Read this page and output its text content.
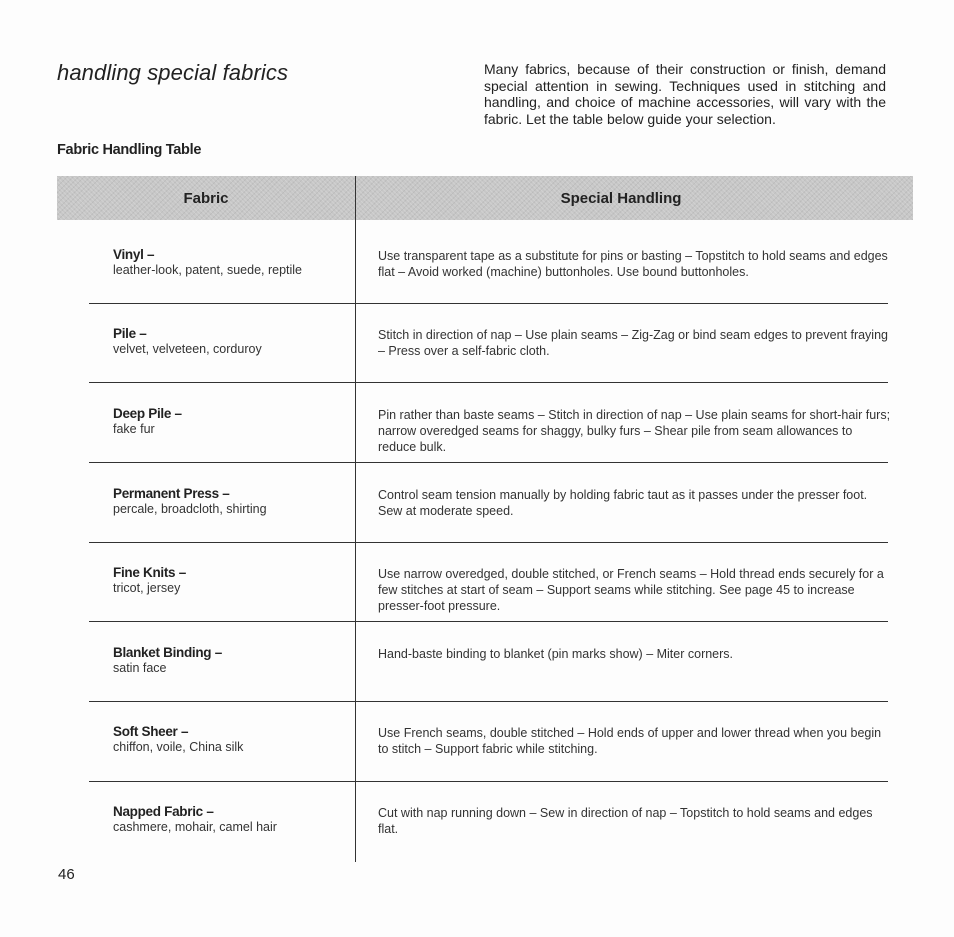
handling special fabrics	Many fabrics, because of their construction or finish, demand special attention in sewing. Techniques used in stitching and handling, and choice of machine accessories, will vary with the fabric. Let the table below guide your selection.
Fabric Handling Table
Fabric	Special Handling
Vinyl –
leather-look, patent, suede, reptile
Use transparent tape as a substitute for pins or basting – Topstitch to hold seams and edges flat – Avoid worked (machine) buttonholes. Use bound buttonholes.
Pile –
velvet, velveteen, corduroy
Stitch in direction of nap – Use plain seams – Zig-Zag or bind seam edges to prevent fraying – Press over a self-fabric cloth.
Deep Pile –
fake fur
Pin rather than baste seams – Stitch in direction of nap – Use plain seams for short-hair furs; narrow overedged seams for shaggy, bulky furs – Shear pile from seam allowances to reduce bulk.
Permanent Press –
percale, broadcloth, shirting
Control seam tension manually by holding fabric taut as it passes under the presser foot. Sew at moderate speed.
Fine Knits –
tricot, jersey
Use narrow overedged, double stitched, or French seams – Hold thread ends securely for a few stitches at start of seam – Support seams while stitching. See page 45 to increase presser-foot pressure.
Blanket Binding –
satin face
Hand-baste binding to blanket (pin marks show) – Miter corners.
Soft Sheer –
chiffon, voile, China silk
Use French seams, double stitched – Hold ends of upper and lower thread when you begin to stitch – Support fabric while stitching.
Napped Fabric –
cashmere, mohair, camel hair
Cut with nap running down – Sew in direction of nap – Topstitch to hold seams and edges flat.
46
